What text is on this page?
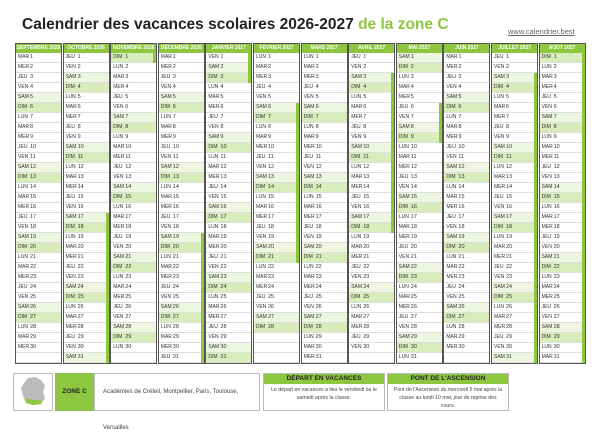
Calendrier des vacances scolaires 2026-2027 de la zone C	www.calendrier.best
SEPTEMBRE 2026
MAR1
MER2
JEU 3
VEN 4
SAM5
DIM 6
LUN 7
MAR8
MER9
JEU 10
VEN 11
SAM12
DIM 13
LUN 14
MAR15
MER16
JEU 17
VEN 18
SAM19
DIM 20
LUN 21
MAR22
MER23
JEU 24
VEN 25
SAM26
DIM 27
LUN 28
MAR29
MER30
OCTOBRE 2026
JEU 1
VEN 2
SAM3
DIM 4
LUN 5
MAR6
MER7
JEU 8
VEN 9
SAM10
DIM 11
LUN 12
MAR13
MER14
JEU 15
VEN 16
SAM17
DIM 18
LUN 19
MAR20
MER21
JEU 22
VEN 23
SAM24
DIM 25
LUN 26
MAR27
MER28
JEU 29
VEN 30
SAM31
NOVEMBRE 2026
DIM 1
LUN 2
MAR3
MER4
JEU 5
VEN 6
SAM7
DIM 8
LUN 9
MAR10
MER11
JEU 12
VEN 13
SAM14
DIM 15
LUN 16
MAR17
MER18
JEU 19
VEN 20
SAM21
DIM 22
LUN 23
MAR24
MER25
JEU 26
VEN 27
SAM28
DIM 29
LUN 30
DÉCEMBRE 2026
MAR1
MER2
JEU 3
VEN 4
SAM5
DIM 6
LUN 7
MAR8
MER9
JEU 10
VEN 11
SAM12
DIM 13
LUN 14
MAR15
MER16
JEU 17
VEN 18
SAM19
DIM 20
LUN 21
MAR22
MER23
JEU 24
VEN 25
SAM26
DIM 27
LUN 28
MAR29
MER30
JEU 31
JANVIER 2027
VEN 1
SAM2
DIM 3
LUN 4
MAR5
MER6
JEU 7
VEN 8
SAM9
DIM 10
LUN 11
MAR12
MER13
JEU 14
VEN 15
SAM16
DIM 17
LUN 18
MAR19
MER20
JEU 21
VEN 22
SAM23
DIM 24
LUN 25
MAR26
MER27
JEU 28
VEN 29
SAM30
DIM 31
FÉVRIER 2027
LUN 1
MAR2
MER3
JEU 4
VEN 5
SAM6
DIM 7
LUN 8
MAR9
MER10
JEU 11
VEN 12
SAM13
DIM 14
LUN 15
MAR16
MER17
JEU 18
VEN 19
SAM20
DIM 21
LUN 22
MAR23
MER24
JEU 25
VEN 26
SAM27
DIM 28
MARS 2027
LUN 1
MAR2
MER3
JEU 4
VEN 5
SAM6
DIM 7
LUN 8
MAR9
MER10
JEU 11
VEN 12
SAM13
DIM 14
LUN 15
MAR16
MER17
JEU 18
VEN 19
SAM20
DIM 21
LUN 22
MAR23
MER24
JEU 25
VEN 26
SAM27
DIM 28
LUN 29
MAR30
MER31
AVRIL 2027
JEU 1
VEN 2
SAM3
DIM 4
LUN 5
MAR6
MER7
JEU 8
VEN 9
SAM10
DIM 11
LUN 12
MAR13
MER14
JEU 15
VEN 16
SAM17
DIM 18
LUN 19
MAR20
MER21
JEU 22
VEN 23
SAM24
DIM 25
LUN 26
MAR27
MER28
JEU 29
VEN 30
MAI 2027
SAM1
DIM 2
LUN 3
MAR4
MER5
JEU 6
VEN 7
SAM8
DIM 9
LUN 10
MAR11
MER12
JEU 13
VEN 14
SAM15
DIM 16
LUN 17
MAR18
MER19
JEU 20
VEN 21
SAM22
DIM 23
LUN 24
MAR25
MER26
JEU 27
VEN 28
SAM29
DIM 30
LUN 31
JUIN 2027
MAR1
MER2
JEU 3
VEN 4
SAM5
DIM 6
LUN 7
MAR8
MER9
JEU 10
VEN 11
SAM12
DIM 13
LUN 14
MAR15
MER16
JEU 17
VEN 18
SAM19
DIM 20
LUN 21
MAR22
MER23
JEU 24
VEN 25
SAM26
DIM 27
LUN 28
MAR29
MER30
JUILLET 2027
JEU 1
VEN 2
SAM3
DIM 4
LUN 5
MAR6
MER7
JEU 8
VEN 9
SAM10
DIM 11
LUN 12
MAR13
MER14
JEU 15
VEN 16
SAM17
DIM 18
LUN 19
MAR20
MER21
JEU 22
VEN 23
SAM24
DIM 25
LUN 26
MAR27
MER28
JEU 29
VEN 30
SAM31
AOÛT 2027
DIM 1
LUN 2
MAR3
MER4
JEU 5
VEN 6
SAM7
DIM 8
LUN 9
MAR10
MER11
JEU 12
VEN 13
SAM14
DIM 15
LUN 16
MAR17
MER18
JEU 19
VEN 20
SAM21
DIM 22
LUN 23
MAR24
MER25
JEU 26
VEN 27
SAM28
DIM 29
LUN 30
MAR31
ZONE C	Académies de Créteil, Montpellier, Paris, Toulouse, Versailles
DÉPART EN VACANCES
Le départ en vacances a lieu le vendredi ou le samedi après la classe.
PONT DE L'ASCENSION
Pont de l'Ascension du mercredi 5 mai après la classe au lundi 10 mai, jour de reprise des cours.
